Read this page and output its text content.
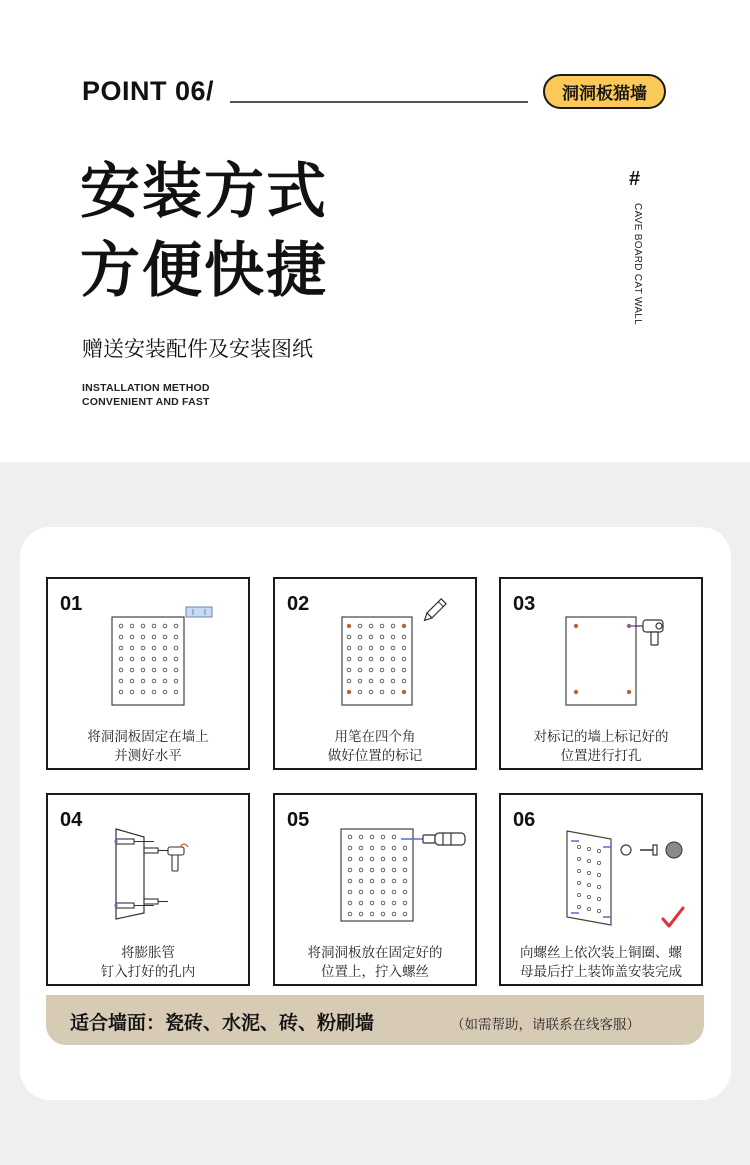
POINT 06/	洞洞板猫墙
安装方式
方便快捷
赠送安装配件及安装图纸
INSTALLATION METHOD
CONVENIENT AND FAST
#
CAVE BOARD CAT WALL
01
将洞洞板固定在墙上
并测好水平
02
用笔在四个角
做好位置的标记
03
对标记的墙上标记好的
位置进行打孔
04
将膨胀管
钉入打好的孔内
05
将洞洞板放在固定好的
位置上，拧入螺丝
06
向螺丝上依次装上铜圈、螺
母最后拧上装饰盖安装完成
适合墙面：瓷砖、水泥、砖、粉刷墙	（如需帮助，请联系在线客服）
